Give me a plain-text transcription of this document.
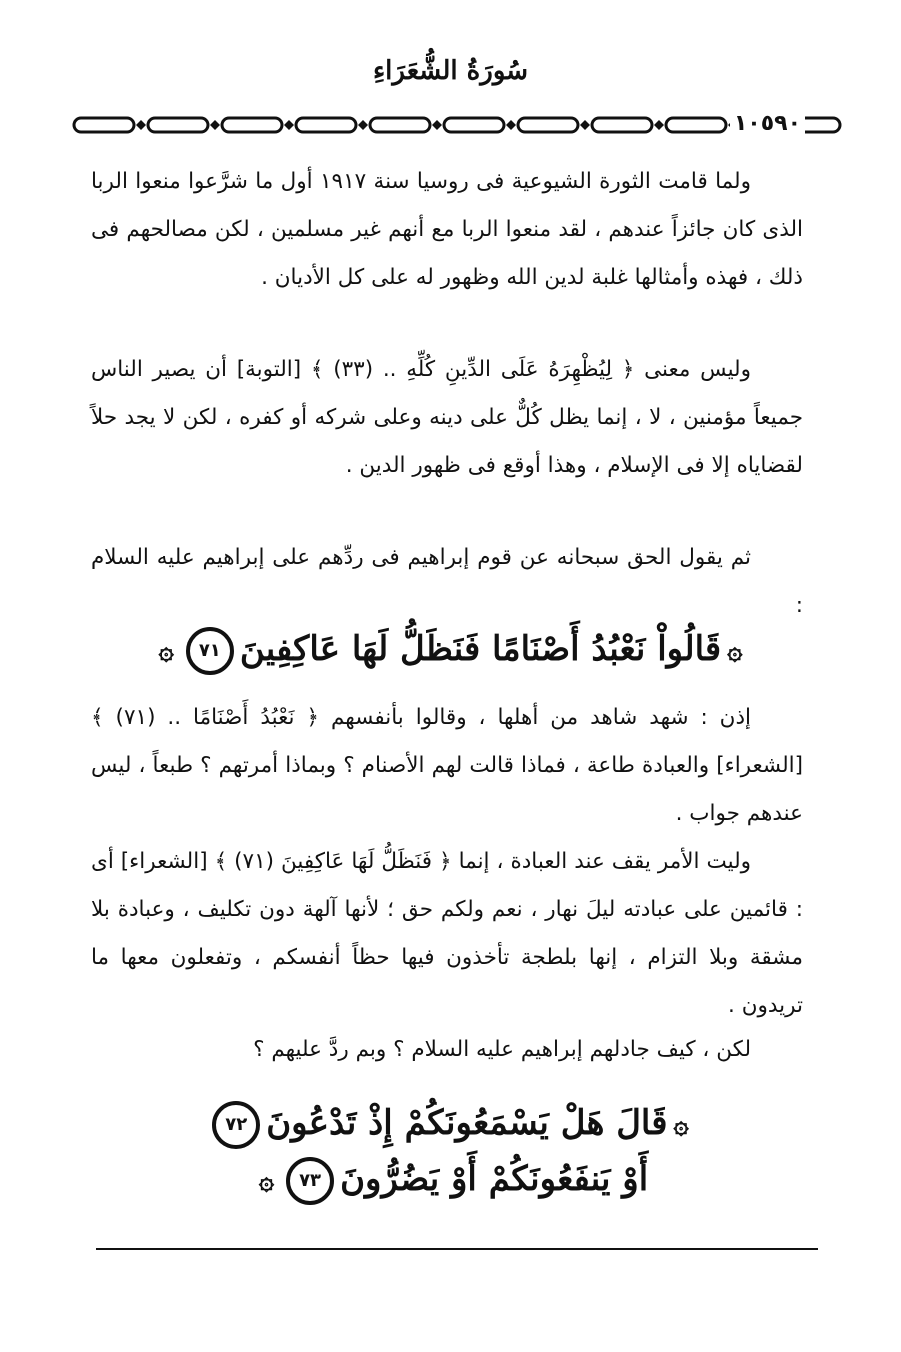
سُورَةُ الشُّعَرَاءِ
١٠٥٩٠

ولما قامت الثورة الشيوعية فى روسيا سنة ١٩١٧ أول ما شرَّعوا منعوا الربا الذى كان جائزاً عندهم ، لقد منعوا الربا مع أنهم غير مسلمين ، لكن مصالحهم فى ذلك ، فهذه وأمثالها غلبة لدين الله وظهور له على كل الأديان .

وليس معنى ﴿ لِيُظْهِرَهُ عَلَى الدِّينِ كُلِّهِ .. (٣٣) ﴾ [التوبة] أن يصير الناس جميعاً مؤمنين ، لا ، إنما يظل كُلٌّ على دينه وعلى شركه أو كفره ، لكن لا يجد حلاً لقضاياه إلا فى الإسلام ، وهذا أوقع فى ظهور الدين .

ثم يقول الحق سبحانه عن قوم إبراهيم فى ردِّهم على إبراهيم عليه السلام :

۞قَالُواْ نَعْبُدُ أَصْنَامًا فَنَظَلُّ لَهَا عَاكِفِينَ٧١۞

إذن : شهد شاهد من أهلها ، وقالوا بأنفسهم ﴿ نَعْبُدُ أَصْنَامًا .. (٧١) ﴾ [الشعراء] والعبادة طاعة ، فماذا قالت لهم الأصنام ؟ وبماذا أمرتهم ؟ طبعاً ، ليس عندهم جواب .

وليت الأمر يقف عند العبادة ، إنما ﴿ فَنَظَلُّ لَهَا عَاكِفِينَ (٧١) ﴾ [الشعراء] أى : قائمين على عبادته ليلَ نهار ، نعم ولكم حق ؛ لأنها آلهة دون تكليف ، وعبادة بلا مشقة وبلا التزام ، إنها بلطجة تأخذون فيها حظاً أنفسكم ، وتفعلون معها ما تريدون .

لكن ، كيف جادلهم إبراهيم عليه السلام ؟ وبم ردَّ عليهم ؟

۞قَالَ هَلْ يَسْمَعُونَكُمْ إِذْ تَدْعُونَ٧٢
أَوْ يَنفَعُونَكُمْ أَوْ يَضُرُّونَ٧٣۞
